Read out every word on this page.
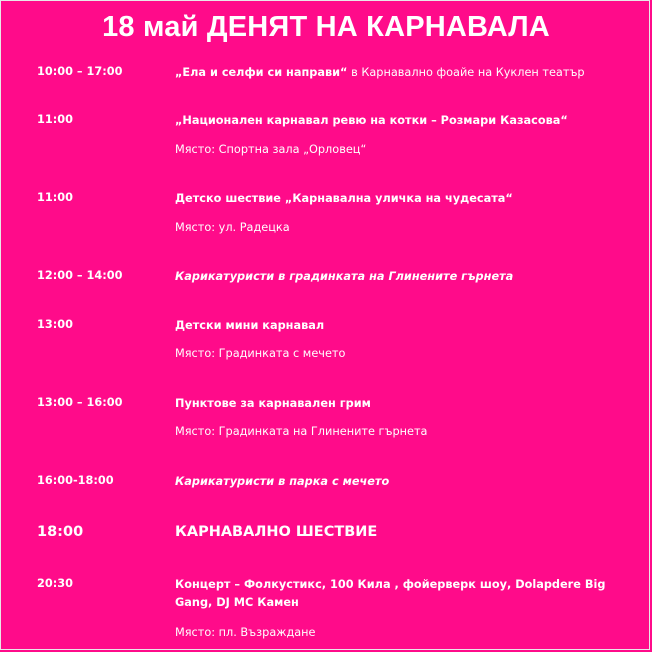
18 май ДЕНЯТ НА КАРНАВАЛА
10:00 – 17:00	„Ела и селфи си направи“ в Карнавално фоайе на Куклен театър
11:00	„Национален карнавал ревю на котки – Розмари Казасова“
Място: Спортна зала „Орловец“
11:00	Детско шествие „Карнавална уличка на чудесата“
Място: ул. Радецка
12:00 – 14:00	Карикатуристи в градинката на Глинените гърнета
13:00	Детски мини карнавал
Място: Градинката с мечето
13:00 – 16:00	Пунктове за карнавален грим
Място: Градинката на Глинените гърнета
16:00-18:00	Карикатуристи в парка с мечето
18:00	КАРНАВАЛНО ШЕСТВИЕ
20:30	Концерт – Фолкустикс, 100 Кила , фойерверк шоу, Dolapdere Big Gang, DJ MC Камен
Място: пл. Възраждане
